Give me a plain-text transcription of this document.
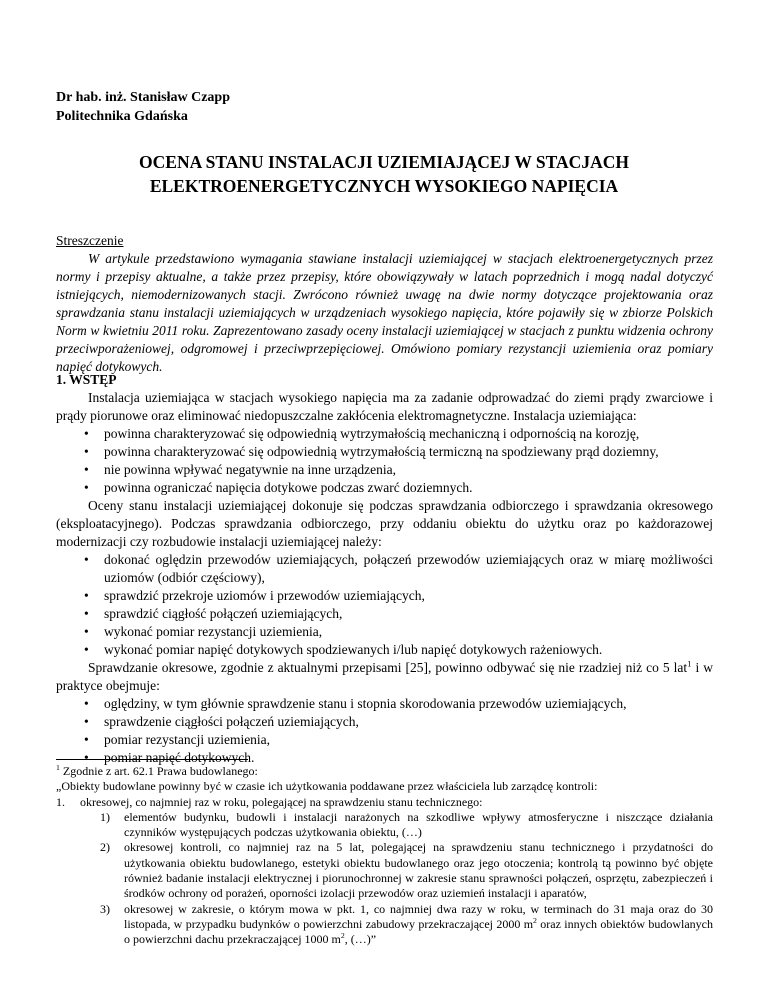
Dr hab. inż. Stanisław Czapp
Politechnika Gdańska
OCENA STANU INSTALACJI UZIEMIAJĄCEJ W STACJACH ELEKTROENERGETYCZNYCH WYSOKIEGO NAPIĘCIA
Streszczenie
W artykule przedstawiono wymagania stawiane instalacji uziemiającej w stacjach elektroenergetycznych przez normy i przepisy aktualne, a także przez przepisy, które obowiązywały w latach poprzednich i mogą nadal dotyczyć istniejących, niemodernizowanych stacji. Zwrócono również uwagę na dwie normy dotyczące projektowania oraz sprawdzania stanu instalacji uziemiających w urządzeniach wysokiego napięcia, które pojawiły się w zbiorze Polskich Norm w kwietniu 2011 roku. Zaprezentowano zasady oceny instalacji uziemiającej w stacjach z punktu widzenia ochrony przeciwporażeniowej, odgromowej i przeciwprzepięciowej. Omówiono pomiary rezystancji uziemienia oraz pomiary napięć dotykowych.
1. WSTĘP

Instalacja uziemiająca w stacjach wysokiego napięcia ma za zadanie odprowadzać do ziemi prądy zwarciowe i prądy piorunowe oraz eliminować niedopuszczalne zakłócenia elektromagnetyczne. Instalacja uziemiająca:

• powinna charakteryzować się odpowiednią wytrzymałością mechaniczną i odpornością na korozję,
• powinna charakteryzować się odpowiednią wytrzymałością termiczną na spodziewany prąd doziemny,
• nie powinna wpływać negatywnie na inne urządzenia,
• powinna ograniczać napięcia dotykowe podczas zwarć doziemnych.

Oceny stanu instalacji uziemiającej dokonuje się podczas sprawdzania odbiorczego i sprawdzania okresowego (eksploatacyjnego). Podczas sprawdzania odbiorczego, przy oddaniu obiektu do użytku oraz po każdorazowej modernizacji czy rozbudowie instalacji uziemiającej należy:

• dokonać oględzin przewodów uziemiających, połączeń przewodów uziemiających oraz w miarę możliwości uziomów (odbiór częściowy),
• sprawdzić przekroje uziomów i przewodów uziemiających,
• sprawdzić ciągłość połączeń uziemiających,
• wykonać pomiar rezystancji uziemienia,
• wykonać pomiar napięć dotykowych spodziewanych i/lub napięć dotykowych rażeniowych.

Sprawdzanie okresowe, zgodnie z aktualnymi przepisami [25], powinno odbywać się nie rzadziej niż co 5 lat$^1$ i w praktyce obejmuje:

• oględziny, w tym głównie sprawdzenie stanu i stopnia skorodowania przewodów uziemiających,
• sprawdzenie ciągłości połączeń uziemiających,
• pomiar rezystancji uziemienia,
• pomiar napięć dotykowych.
$^1$ Zgodnie z art. 62.1 Prawa budowlanego:
„Obiekty budowlane powinny być w czasie ich użytkowania poddawane przez właściciela lub zarządcę kontroli:
1. okresowej, co najmniej raz w roku, polegającej na sprawdzeniu stanu technicznego:
1) elementów budynku, budowli i instalacji narażonych na szkodliwe wpływy atmosferyczne i niszczące działania czynników występujących podczas użytkowania obiektu, (…)
2) okresowej kontroli, co najmniej raz na 5 lat, polegającej na sprawdzeniu stanu technicznego i przydatności do użytkowania obiektu budowlanego, estetyki obiektu budowlanego oraz jego otoczenia; kontrolą tą powinno być objęte również badanie instalacji elektrycznej i piorunochronnej w zakresie stanu sprawności połączeń, osprzętu, zabezpieczeń i środków ochrony od porażeń, oporności izolacji przewodów oraz uziemień instalacji i aparatów,
3) okresowej w zakresie, o którym mowa w pkt. 1, co najmniej dwa razy w roku, w terminach do 31 maja oraz do 30 listopada, w przypadku budynków o powierzchni zabudowy przekraczającej 2000 $m^2$ oraz innych obiektów budowlanych o powierzchni dachu przekraczającej 1000 $m^2$, (…)”
